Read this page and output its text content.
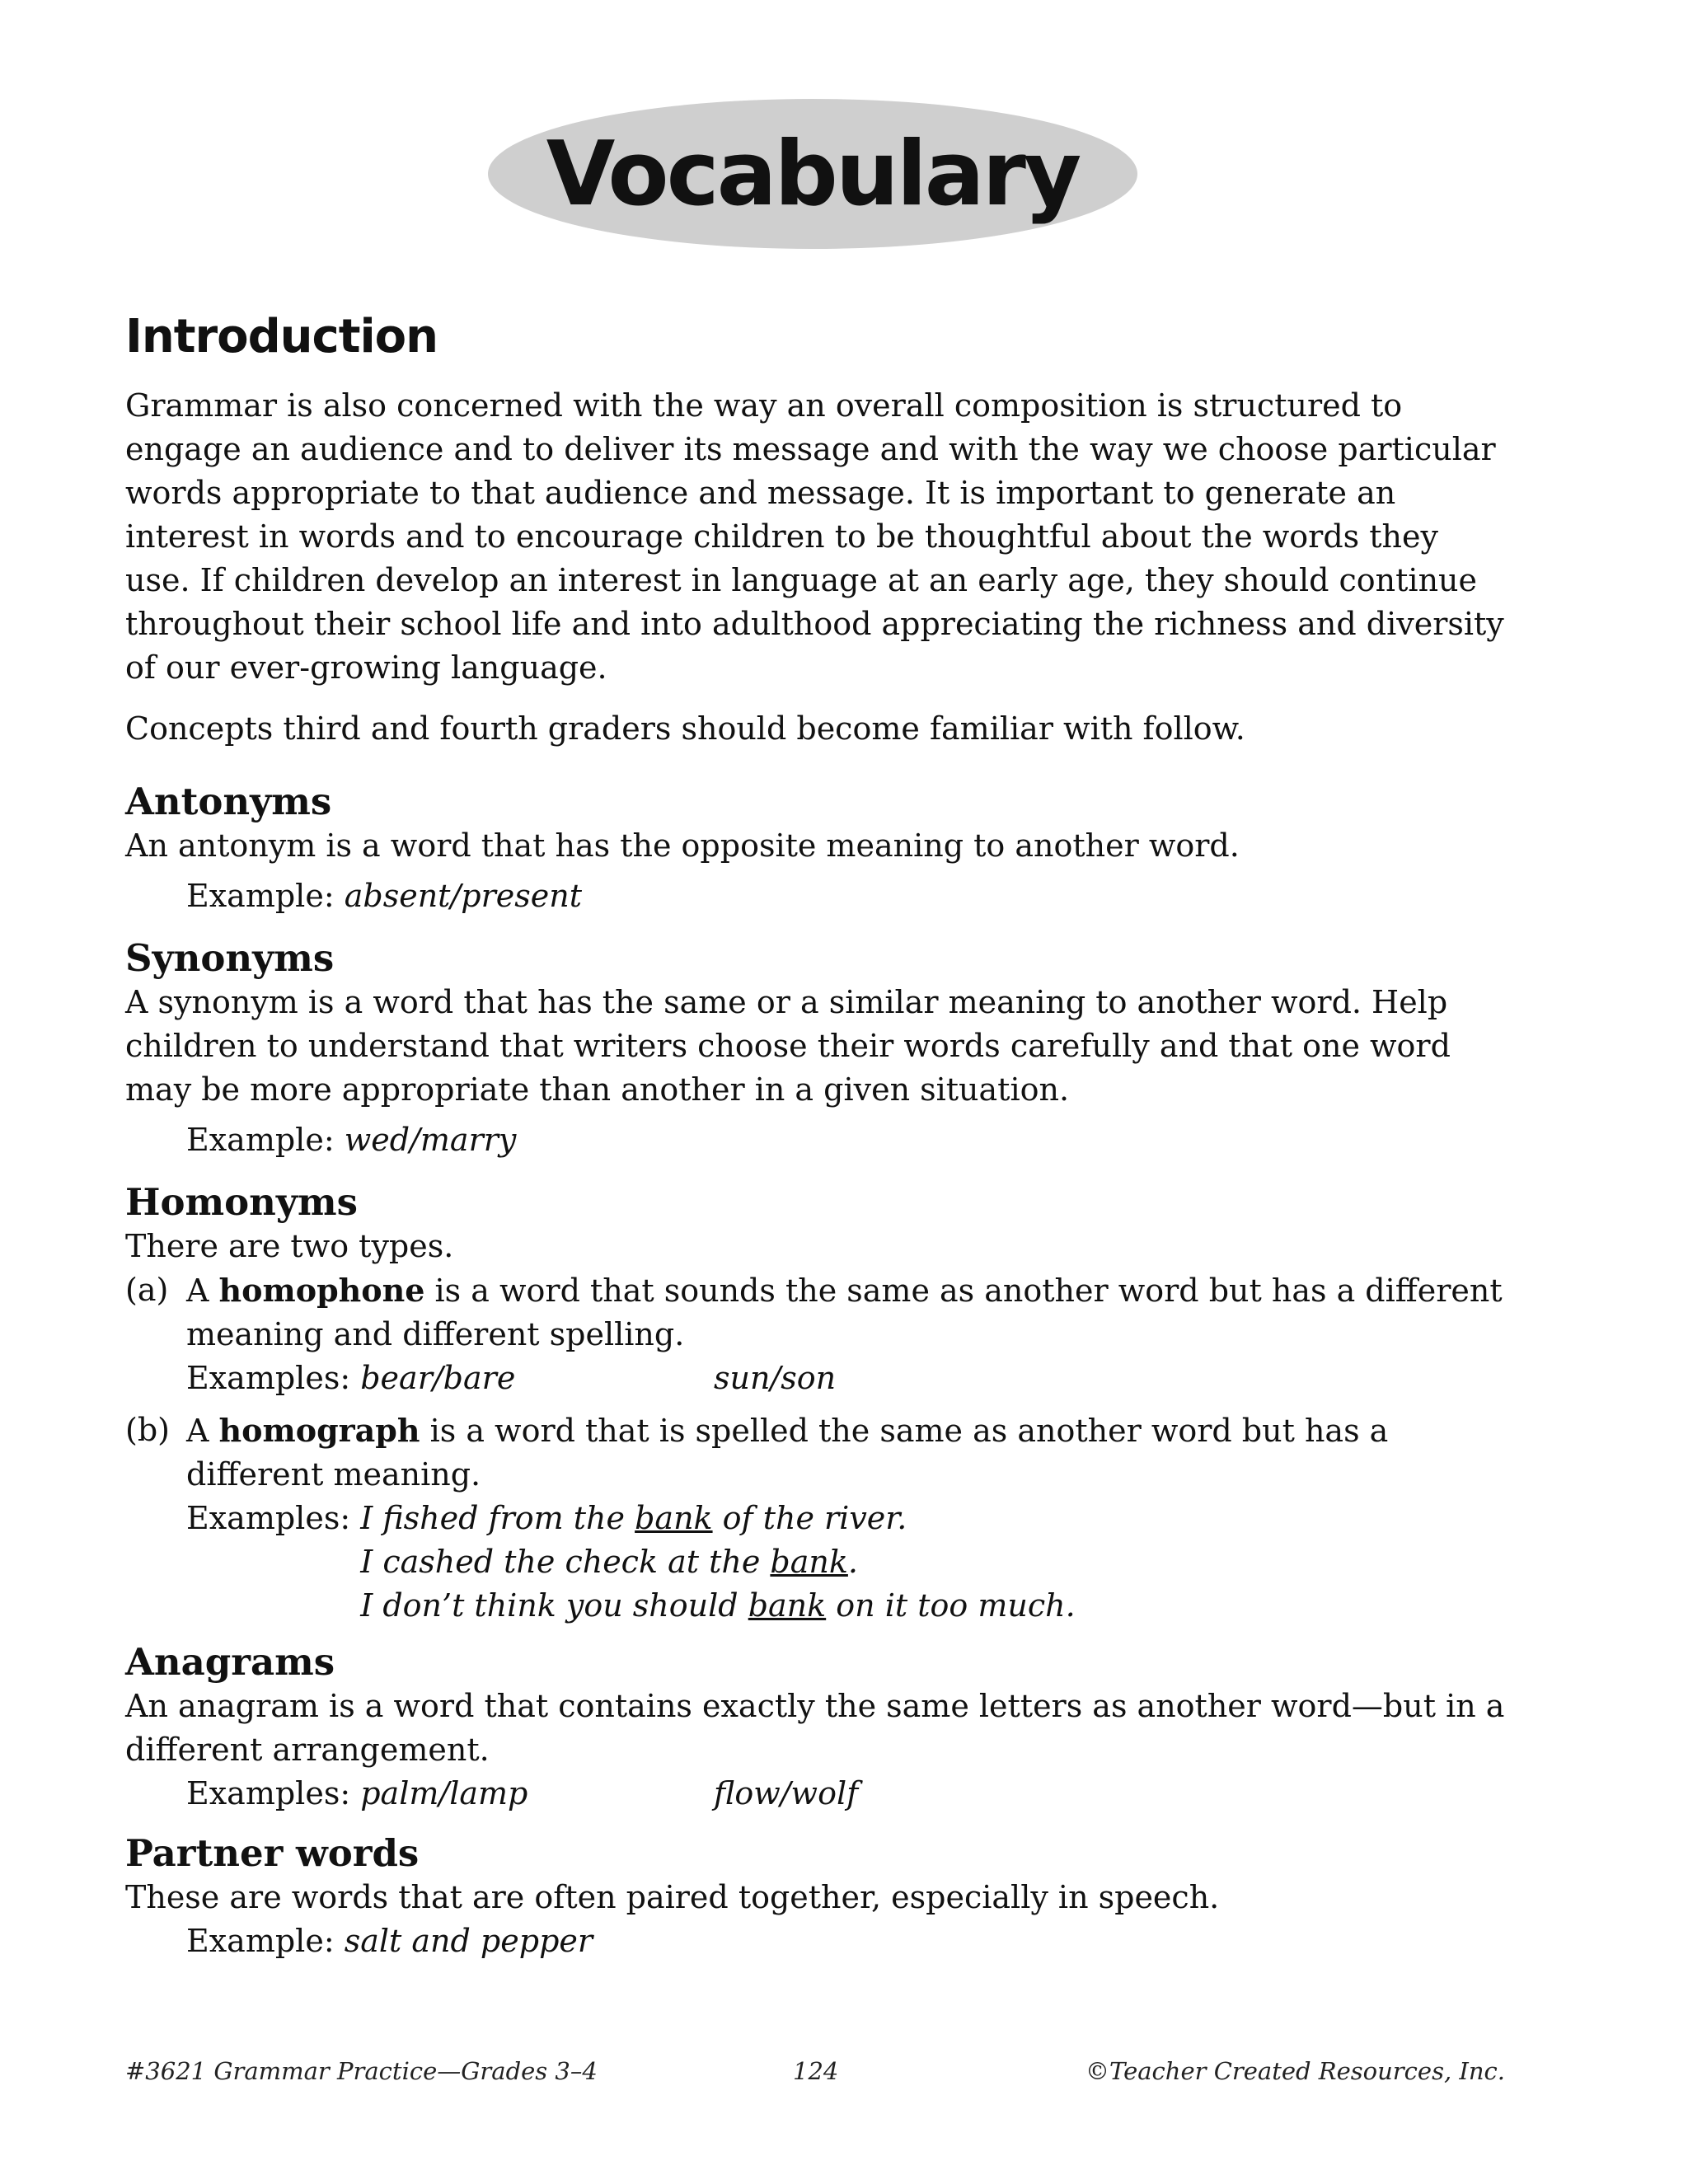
Vocabulary
Introduction

Grammar is also concerned with the way an overall composition is structured to engage an audience and to deliver its message and with the way we choose particular words appropriate to that audience and message. It is important to generate an interest in words and to encourage children to be thoughtful about the words they use. If children develop an interest in language at an early age, they should continue throughout their school life and into adulthood appreciating the richness and diversity of our ever-growing language.

Concepts third and fourth graders should become familiar with follow.

Antonyms

An antonym is a word that has the opposite meaning to another word.

Example: absent/present

Synonyms

A synonym is a word that has the same or a similar meaning to another word. Help children to understand that writers choose their words carefully and that one word may be more appropriate than another in a given situation.

Example: wed/marry

Homonyms

There are two types.

(a) A homophone is a word that sounds the same as another word but has a different meaning and different spelling.
Examples: bear/bare	sun/son
(b) A homograph is a word that is spelled the same as another word but has a different meaning.
Examples: I fished from the bank of the river.
I cashed the check at the bank.
I don’t think you should bank on it too much.

Anagrams

An anagram is a word that contains exactly the same letters as another word—but in a different arrangement.

Examples: palm/lamp	flow/wolf

Partner words

These are words that are often paired together, especially in speech.

Example: salt and pepper

#3621 Grammar Practice—Grades 3–4	124	©Teacher Created Resources, Inc.
